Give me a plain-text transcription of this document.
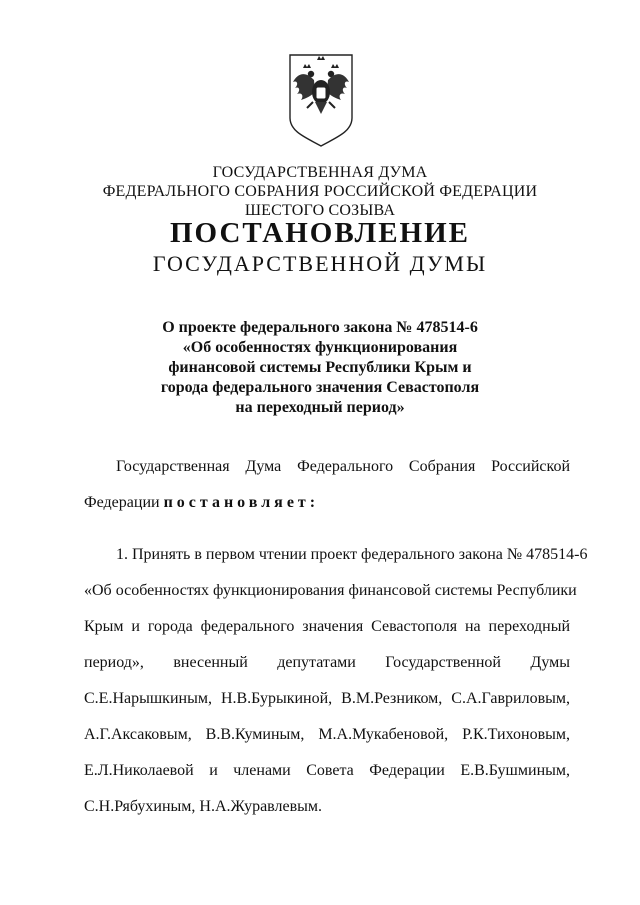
ГОСУДАРСТВЕННАЯ ДУМА
ФЕДЕРАЛЬНОГО СОБРАНИЯ РОССИЙСКОЙ ФЕДЕРАЦИИ
ШЕСТОГО СОЗЫВА
ПОСТАНОВЛЕНИЕ
ГОСУДАРСТВЕННОЙ ДУМЫ
О проекте федерального закона № 478514-6
«Об особенностях функционирования
финансовой системы Республики Крым и
города федерального значения Севастополя
на переходный период»
Государственная Дума Федерального Собрания Российской
Федерации постановляет:
1. Принять в первом чтении проект федерального закона № 478514-6
«Об особенностях функционирования финансовой системы Республики
Крым и города федерального значения Севастополя на переходный
период», внесенный депутатами Государственной Думы
С.Е.Нарышкиным, Н.В.Бурыкиной, В.М.Резником, С.А.Гавриловым,
А.Г.Аксаковым, В.В.Куминым, М.А.Мукабеновой, Р.К.Тихоновым,
Е.Л.Николаевой и членами Совета Федерации Е.В.Бушминым,
С.Н.Рябухиным, Н.А.Журавлевым.
